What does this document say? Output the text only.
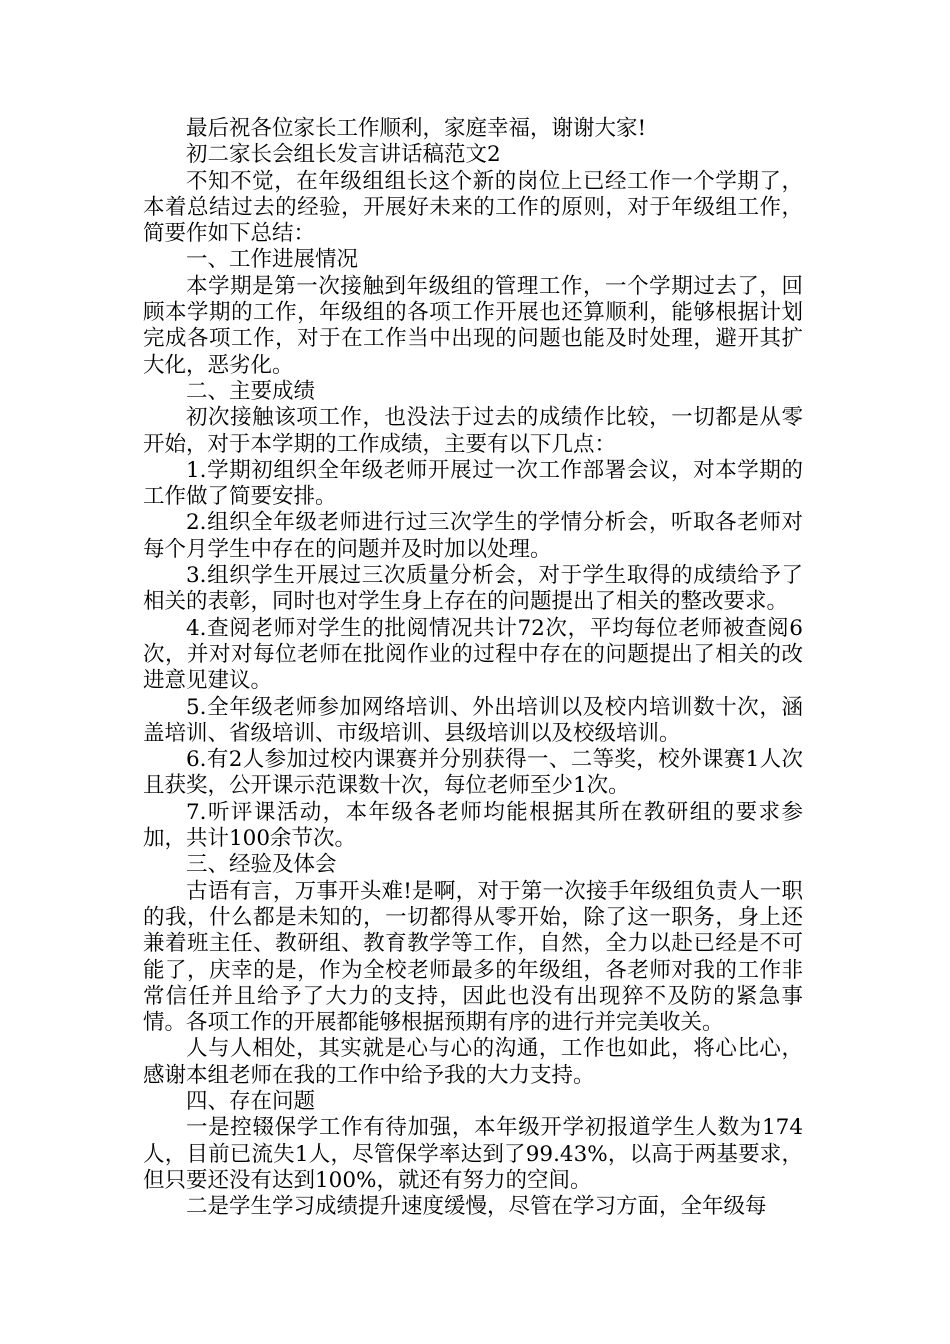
最后祝各位家长工作顺利，家庭幸福，谢谢大家!

初二家长会组长发言讲话稿范文2

不知不觉，在年级组组长这个新的岗位上已经工作一个学期了，本着总结过去的经验，开展好未来的工作的原则，对于年级组工作，简要作如下总结：

一、工作进展情况

本学期是第一次接触到年级组的管理工作，一个学期过去了，回顾本学期的工作，年级组的各项工作开展也还算顺利，能够根据计划完成各项工作，对于在工作当中出现的问题也能及时处理，避开其扩大化，恶劣化。

二、主要成绩

初次接触该项工作，也没法于过去的成绩作比较，一切都是从零开始，对于本学期的工作成绩，主要有以下几点：

1.学期初组织全年级老师开展过一次工作部署会议，对本学期的工作做了简要安排。

2.组织全年级老师进行过三次学生的学情分析会，听取各老师对每个月学生中存在的问题并及时加以处理。

3.组织学生开展过三次质量分析会，对于学生取得的成绩给予了相关的表彰，同时也对学生身上存在的问题提出了相关的整改要求。

4.查阅老师对学生的批阅情况共计72次，平均每位老师被查阅6次，并对对每位老师在批阅作业的过程中存在的问题提出了相关的改进意见建议。

5.全年级老师参加网络培训、外出培训以及校内培训数十次，涵盖培训、省级培训、市级培训、县级培训以及校级培训。

6.有2人参加过校内课赛并分别获得一、二等奖，校外课赛1人次且获奖，公开课示范课数十次，每位老师至少1次。

7.听评课活动，本年级各老师均能根据其所在教研组的要求参加，共计100余节次。

三、经验及体会

古语有言，万事开头难!是啊，对于第一次接手年级组负责人一职的我，什么都是未知的，一切都得从零开始，除了这一职务，身上还兼着班主任、教研组、教育教学等工作，自然，全力以赴已经是不可能了，庆幸的是，作为全校老师最多的年级组，各老师对我的工作非常信任并且给予了大力的支持，因此也没有出现猝不及防的紧急事情。各项工作的开展都能够根据预期有序的进行并完美收关。

人与人相处，其实就是心与心的沟通，工作也如此，将心比心，感谢本组老师在我的工作中给予我的大力支持。

四、存在问题

一是控辍保学工作有待加强，本年级开学初报道学生人数为174人，目前已流失1人，尽管保学率达到了99.43%，以高于两基要求，但只要还没有达到100%，就还有努力的空间。

二是学生学习成绩提升速度缓慢，尽管在学习方面，全年级每
